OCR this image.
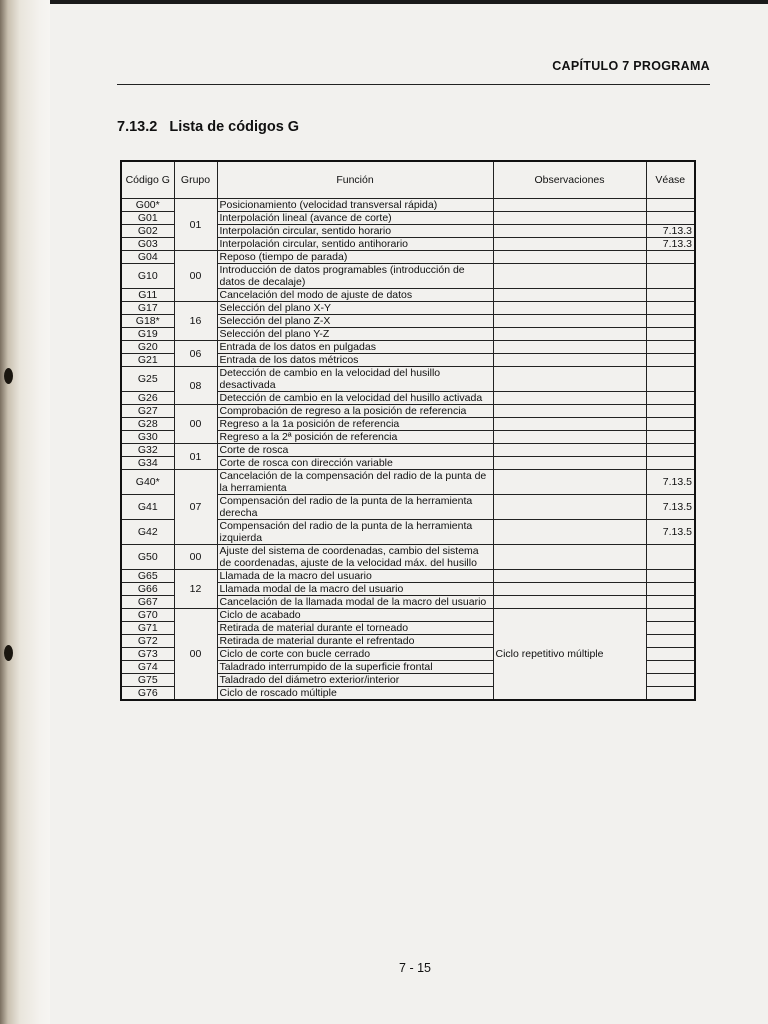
CAPÍTULO 7 PROGRAMA
7.13.2 Lista de códigos G
Código G	Grupo	Función	Observaciones	Véase
G00*	01	Posicionamiento (velocidad transversal rápida)		
G01		Interpolación lineal (avance de corte)		
G02		Interpolación circular, sentido horario		7.13.3
G03		Interpolación circular, sentido antihorario		7.13.3
G04	00	Reposo (tiempo de parada)		
G10		Introducción de datos programables (introducción de datos de decalaje)		
G11		Cancelación del modo de ajuste de datos		
G17	16	Selección del plano X-Y		
G18*		Selección del plano Z-X		
G19		Selección del plano Y-Z		
G20	06	Entrada de los datos en pulgadas		
G21		Entrada de los datos métricos		
G25	08	Detección de cambio en la velocidad del husillo desactivada		
G26		Detección de cambio en la velocidad del husillo activada		
G27	00	Comprobación de regreso a la posición de referencia		
G28		Regreso a la 1a posición de referencia		
G30		Regreso a la 2ª posición de referencia		
G32	01	Corte de rosca		
G34		Corte de rosca con dirección variable		
G40*	07	Cancelación de la compensación del radio de la punta de la herramienta		7.13.5
G41		Compensación del radio de la punta de la herramienta derecha		7.13.5
G42		Compensación del radio de la punta de la herramienta izquierda		7.13.5
G50	00	Ajuste del sistema de coordenadas, cambio del sistema de coordenadas, ajuste de la velocidad máx. del husillo		
G65	12	Llamada de la macro del usuario		
G66		Llamada modal de la macro del usuario		
G67		Cancelación de la llamada modal de la macro del usuario		
G70	00	Ciclo de acabado	Ciclo repetitivo múltiple	
G71		Retirada de material durante el torneado		
G72		Retirada de material durante el refrentado		
G73		Ciclo de corte con bucle cerrado		
G74		Taladrado interrumpido de la superficie frontal		
G75		Taladrado del diámetro exterior/interior		
G76		Ciclo de roscado múltiple		
7 - 15
